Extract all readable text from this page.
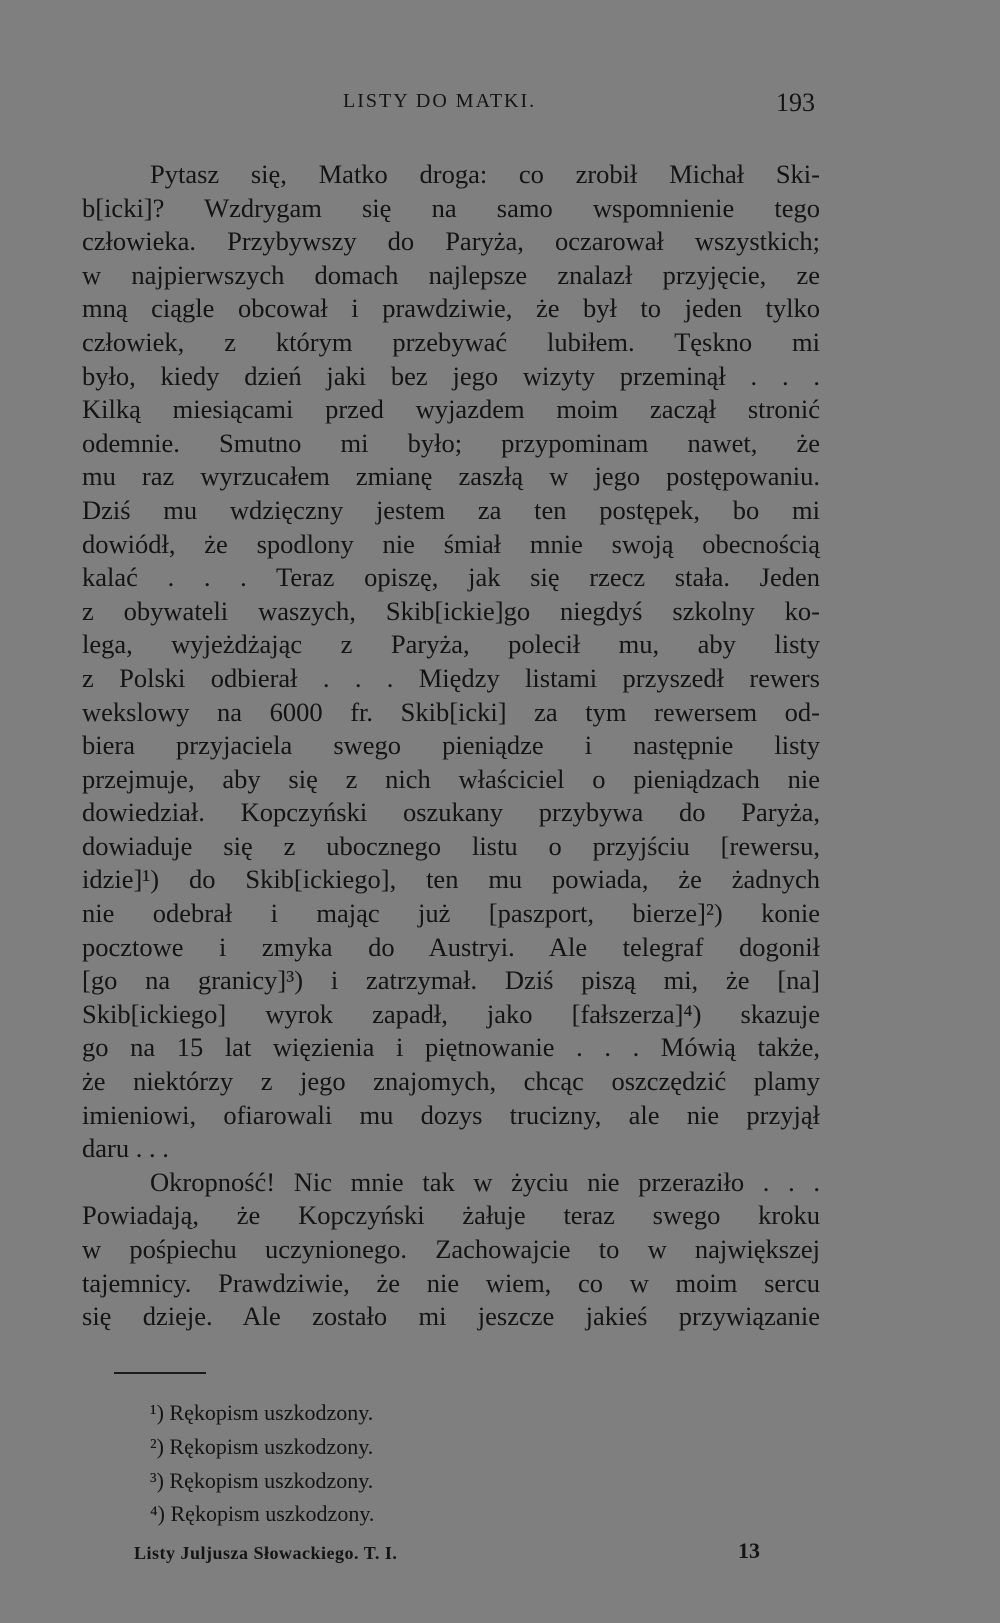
LISTY DO MATKI.	193
Pytasz się, Matko droga: co zrobił Michał Ski-
b[icki]? Wzdrygam się na samo wspomnienie tego
człowieka. Przybywszy do Paryża, oczarował wszystkich;
w najpierwszych domach najlepsze znalazł przyjęcie, ze
mną ciągle obcował i prawdziwie, że był to jeden tylko
człowiek, z którym przebywać lubiłem. Tęskno mi
było, kiedy dzień jaki bez jego wizyty przeminął . . .
Kilką miesiącami przed wyjazdem moim zaczął stronić
odemnie. Smutno mi było; przypominam nawet, że
mu raz wyrzucałem zmianę zaszłą w jego postępowaniu.
Dziś mu wdzięczny jestem za ten postępek, bo mi
dowiódł, że spodlony nie śmiał mnie swoją obecnością
kalać . . . Teraz opiszę, jak się rzecz stała. Jeden
z obywateli waszych, Skib[ickie]go niegdyś szkolny ko-
lega, wyjeżdżając z Paryża, polecił mu, aby listy
z Polski odbierał . . . Między listami przyszedł rewers
wekslowy na 6000 fr. Skib[icki] za tym rewersem od-
biera przyjaciela swego pieniądze i następnie listy
przejmuje, aby się z nich właściciel o pieniądzach nie
dowiedział. Kopczyński oszukany przybywa do Paryża,
dowiaduje się z ubocznego listu o przyjściu [rewersu,
idzie]¹) do Skib[ickiego], ten mu powiada, że żadnych
nie odebrał i mając już [paszport, bierze]²) konie
pocztowe i zmyka do Austryi. Ale telegraf dogonił
[go na granicy]³) i zatrzymał. Dziś piszą mi, że [na]
Skib[ickiego] wyrok zapadł, jako [fałszerza]⁴) skazuje
go na 15 lat więzienia i piętnowanie . . . Mówią także,
że niektórzy z jego znajomych, chcąc oszczędzić plamy
imieniowi, ofiarowali mu dozys trucizny, ale nie przyjął
daru . . .
Okropność! Nic mnie tak w życiu nie przeraziło . . .
Powiadają, że Kopczyński żałuje teraz swego kroku
w pośpiechu uczynionego. Zachowajcie to w największej
tajemnicy. Prawdziwie, że nie wiem, co w moim sercu
się dzieje. Ale zostało mi jeszcze jakieś przywiązanie
¹) Rękopism uszkodzony.
²) Rękopism uszkodzony.
³) Rękopism uszkodzony.
⁴) Rękopism uszkodzony.
Listy Juljusza Słowackiego. T. I.	13
